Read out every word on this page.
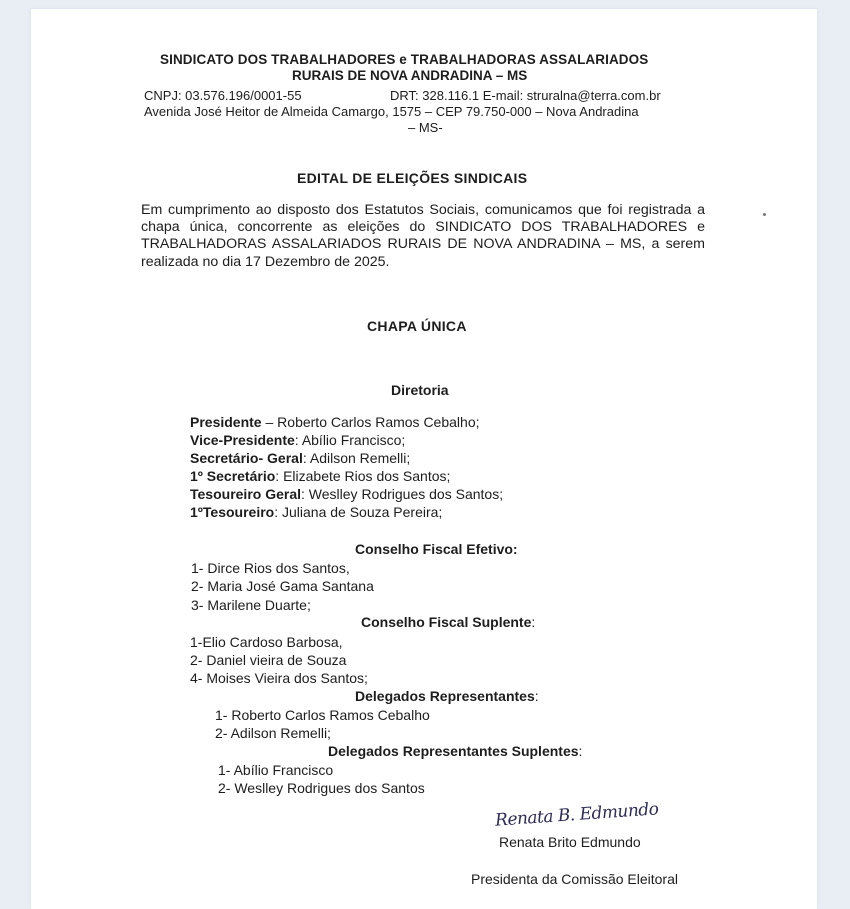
SINDICATO DOS TRABALHADORES e TRABALHADORAS ASSALARIADOS
RURAIS DE NOVA ANDRADINA – MS
CNPJ: 03.576.196/0001-55	DRT: 328.116.1 E-mail: struralna@terra.com.br
Avenida José Heitor de Almeida Camargo, 1575 – CEP 79.750-000 – Nova Andradina
– MS-
EDITAL DE ELEIÇÕES SINDICAIS
Em cumprimento ao disposto dos Estatutos Sociais, comunicamos que foi registrada a chapa única, concorrente as eleições do SINDICATO DOS TRABALHADORES e TRABALHADORAS ASSALARIADOS RURAIS DE NOVA ANDRADINA – MS, a serem realizada no dia 17 Dezembro de 2025.
CHAPA ÚNICA
Diretoria
Presidente – Roberto Carlos Ramos Cebalho;
Vice-Presidente: Abílio Francisco;
Secretário- Geral: Adilson Remelli;
1º Secretário: Elizabete Rios dos Santos;
Tesoureiro Geral: Weslley Rodrigues dos Santos;
1ºTesoureiro: Juliana de Souza Pereira;
Conselho Fiscal Efetivo:
1- Dirce Rios dos Santos,
2- Maria José Gama Santana
3- Marilene Duarte;
Conselho Fiscal Suplente:
1-Elio Cardoso Barbosa,
2- Daniel vieira de Souza
4- Moises Vieira dos Santos;
Delegados Representantes:
1- Roberto Carlos Ramos Cebalho
2- Adilson Remelli;
Delegados Representantes Suplentes:
1- Abílio Francisco
2- Weslley Rodrigues dos Santos
Renata B. Edmundo
Renata Brito Edmundo
Presidenta da Comissão Eleitoral
